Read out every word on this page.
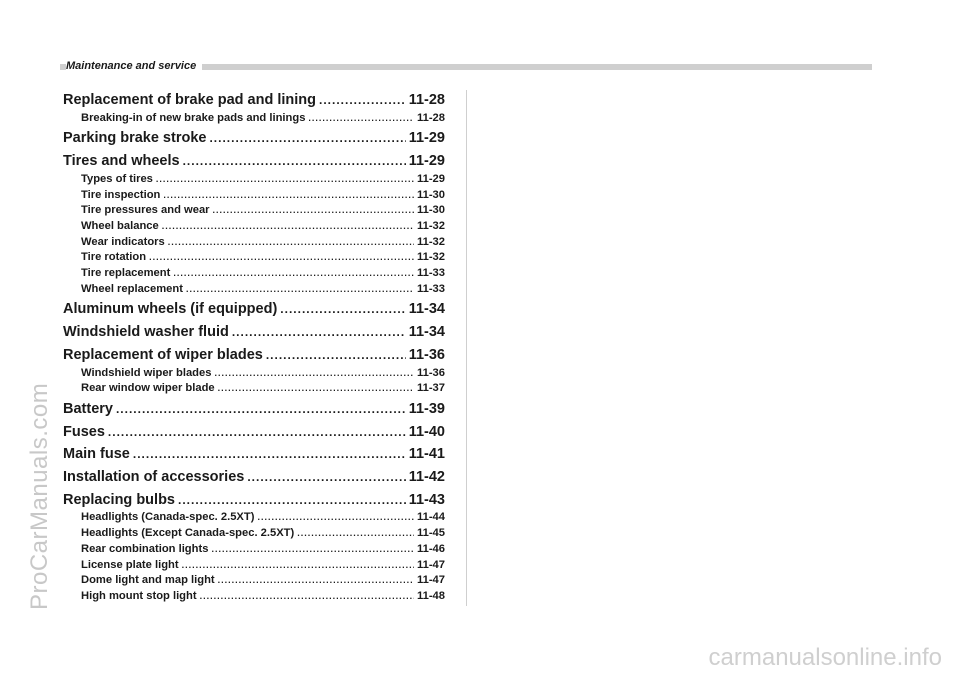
Maintenance and service
Replacement of brake pad and lining .....	11-28
Breaking-in of new brake pads and linings .....	11-28
Parking brake stroke .....	11-29
Tires and wheels .....	11-29
Types of tires .....	11-29
Tire inspection .....	11-30
Tire pressures and wear .....	11-30
Wheel balance .....	11-32
Wear indicators .....	11-32
Tire rotation .....	11-32
Tire replacement .....	11-33
Wheel replacement .....	11-33
Aluminum wheels (if equipped) .....	11-34
Windshield washer fluid .....	11-34
Replacement of wiper blades .....	11-36
Windshield wiper blades .....	11-36
Rear window wiper blade .....	11-37
Battery .....	11-39
Fuses .....	11-40
Main fuse .....	11-41
Installation of accessories .....	11-42
Replacing bulbs .....	11-43
Headlights (Canada-spec. 2.5XT) .....	11-44
Headlights (Except Canada-spec. 2.5XT) .....	11-45
Rear combination lights .....	11-46
License plate light .....	11-47
Dome light and map light .....	11-47
High mount stop light .....	11-48
ProCarManuals.com
carmanualsonline.info
